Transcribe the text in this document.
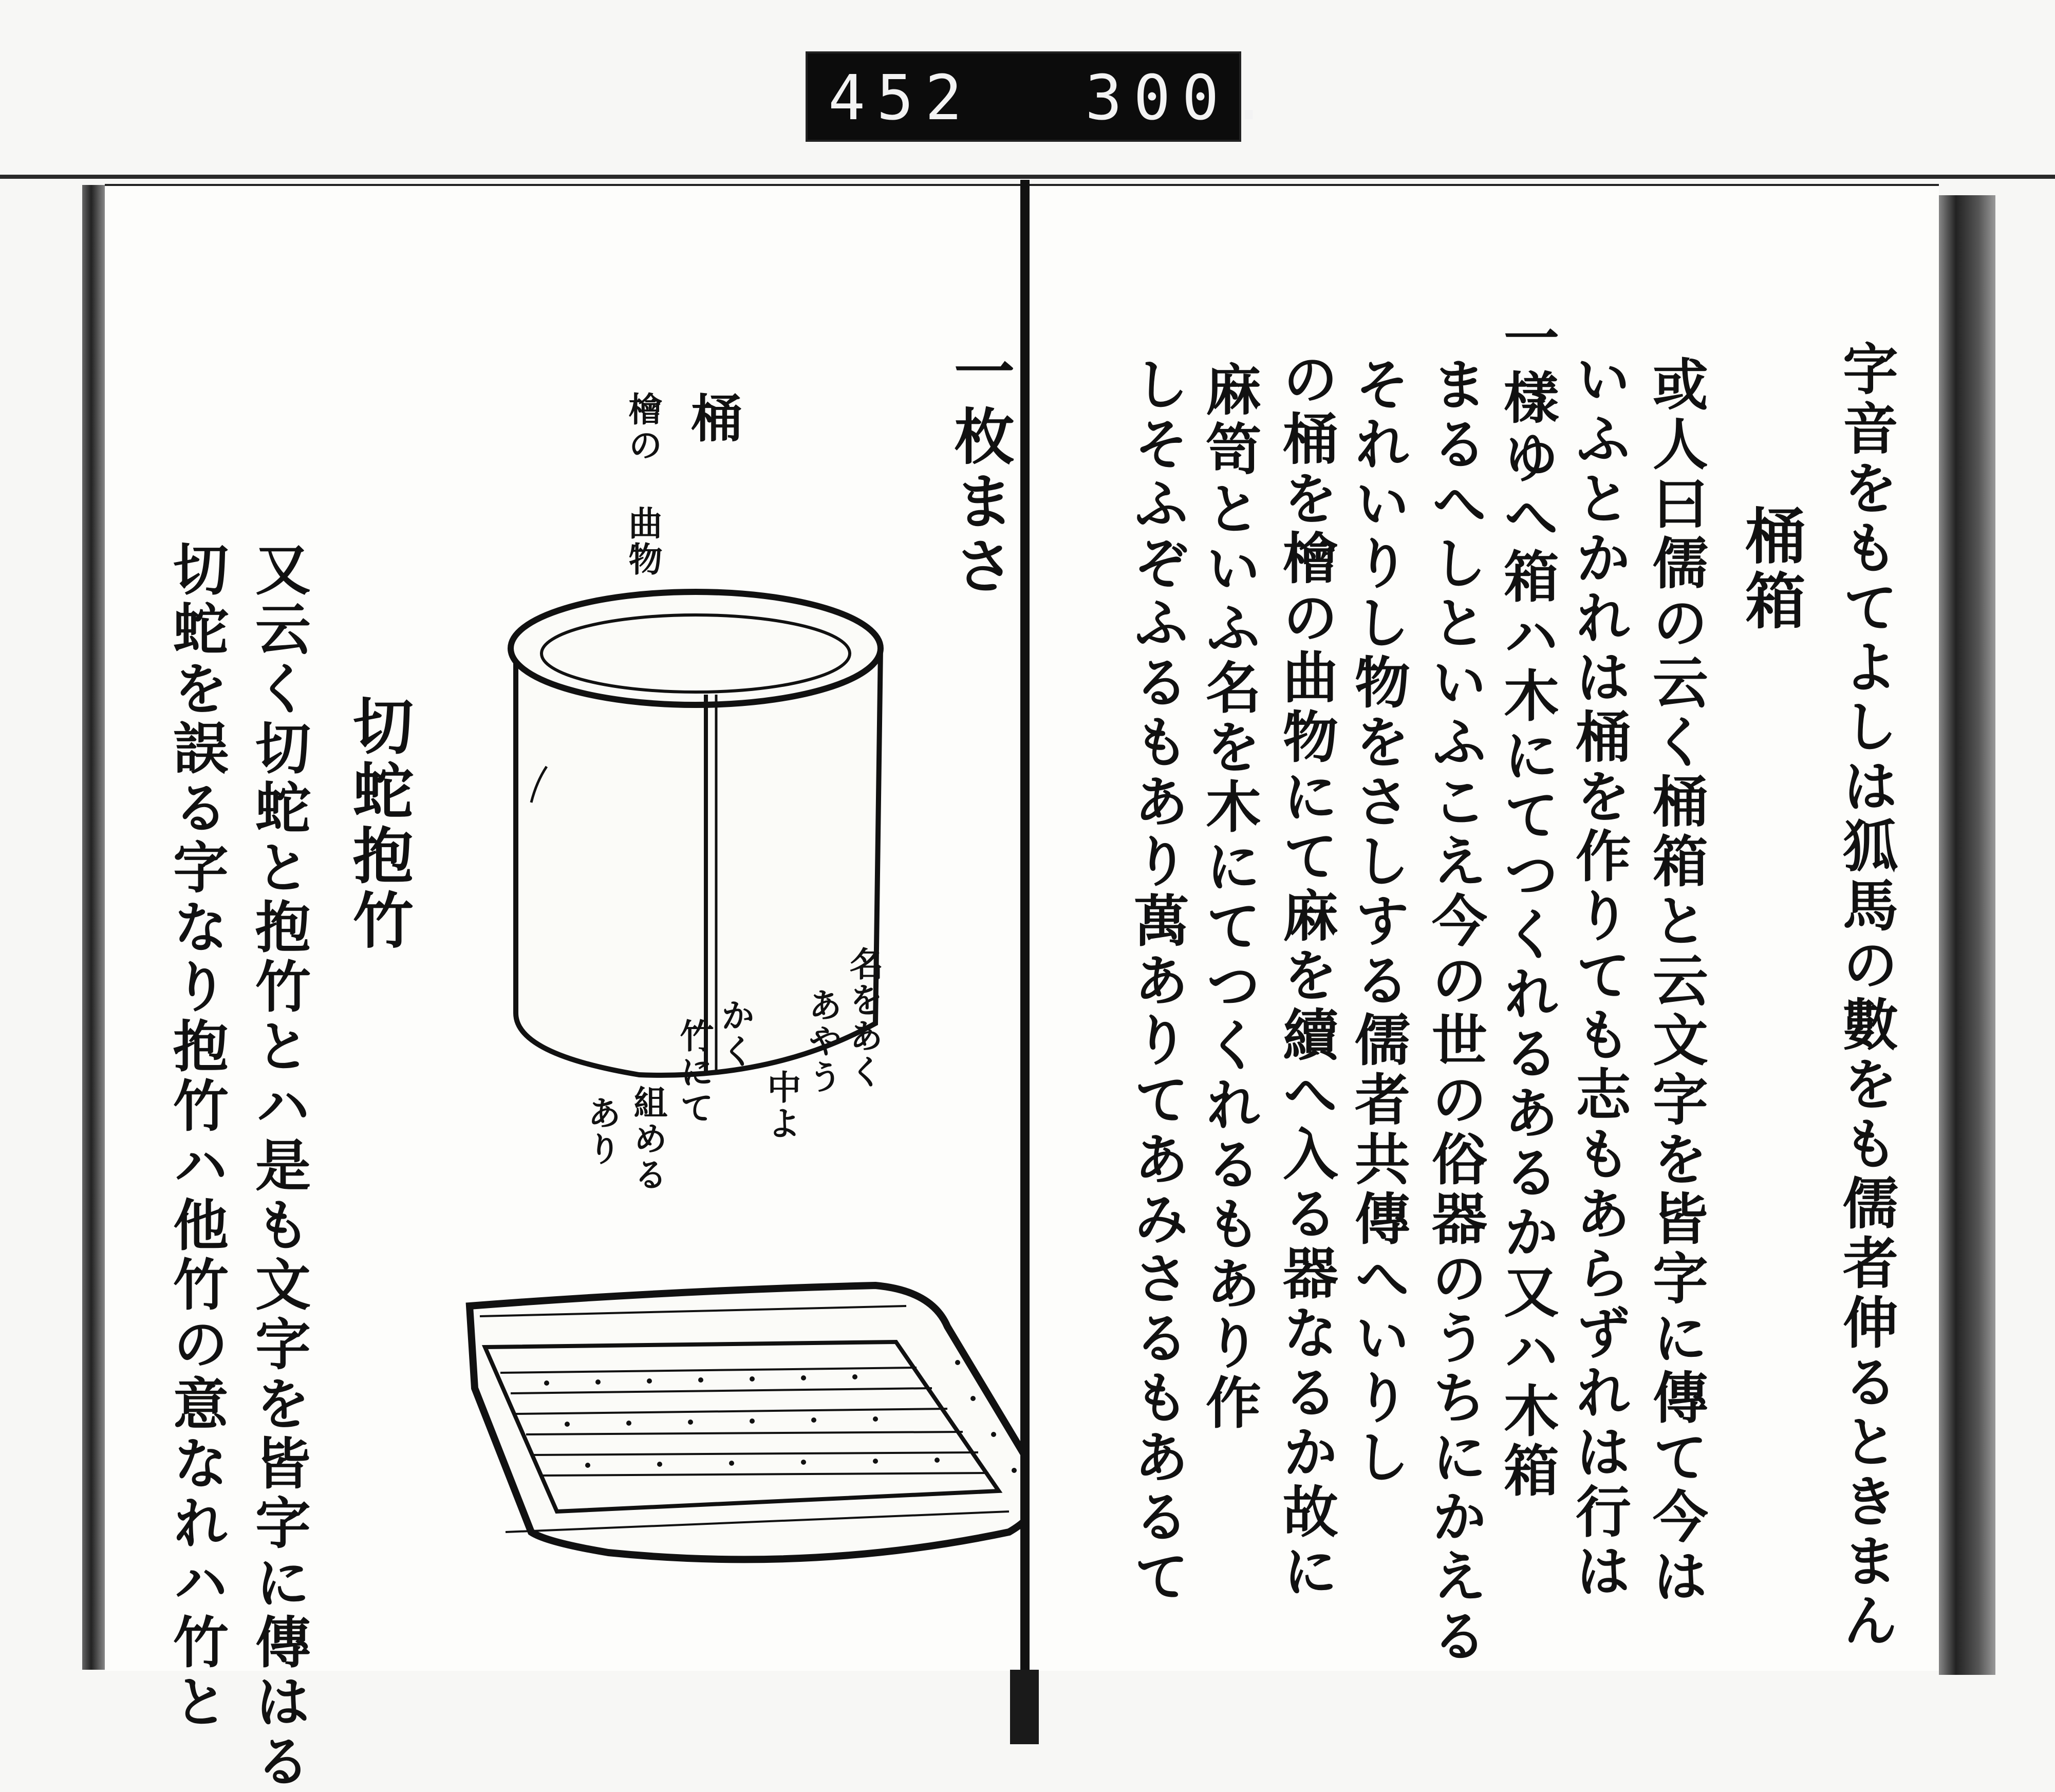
452 300.
一枚まさ
桶
檜の 曲物
名をあく
あやう
中よ
かく
竹にて
組める
あり
切蛇抱竹
又云く切蛇と抱竹とハ是も文字を皆字に傳はる
切蛇を誤る字なり抱竹ハ他竹の意なれハ竹と	字音をもてよしは狐馬の數をも儒者伸るときまん
桶箱
或人曰儒の云く桶箱と云文字を皆字に傳て今は
いふとかれは桶を作りても志もあらずれは行は
一樣ゆへ箱ハ木にてつくれるあるか又ハ木箱
まるへしといふこえ今の世の俗器のうちにかえる
それいりし物をさしする儒者共傳へいりし
の桶を檜の曲物にて麻を續へ入る器なるか故に
麻笥といふ名を木にてつくれるもあり作
しそふぞふるもあり萬ありてあみさるもあるて
